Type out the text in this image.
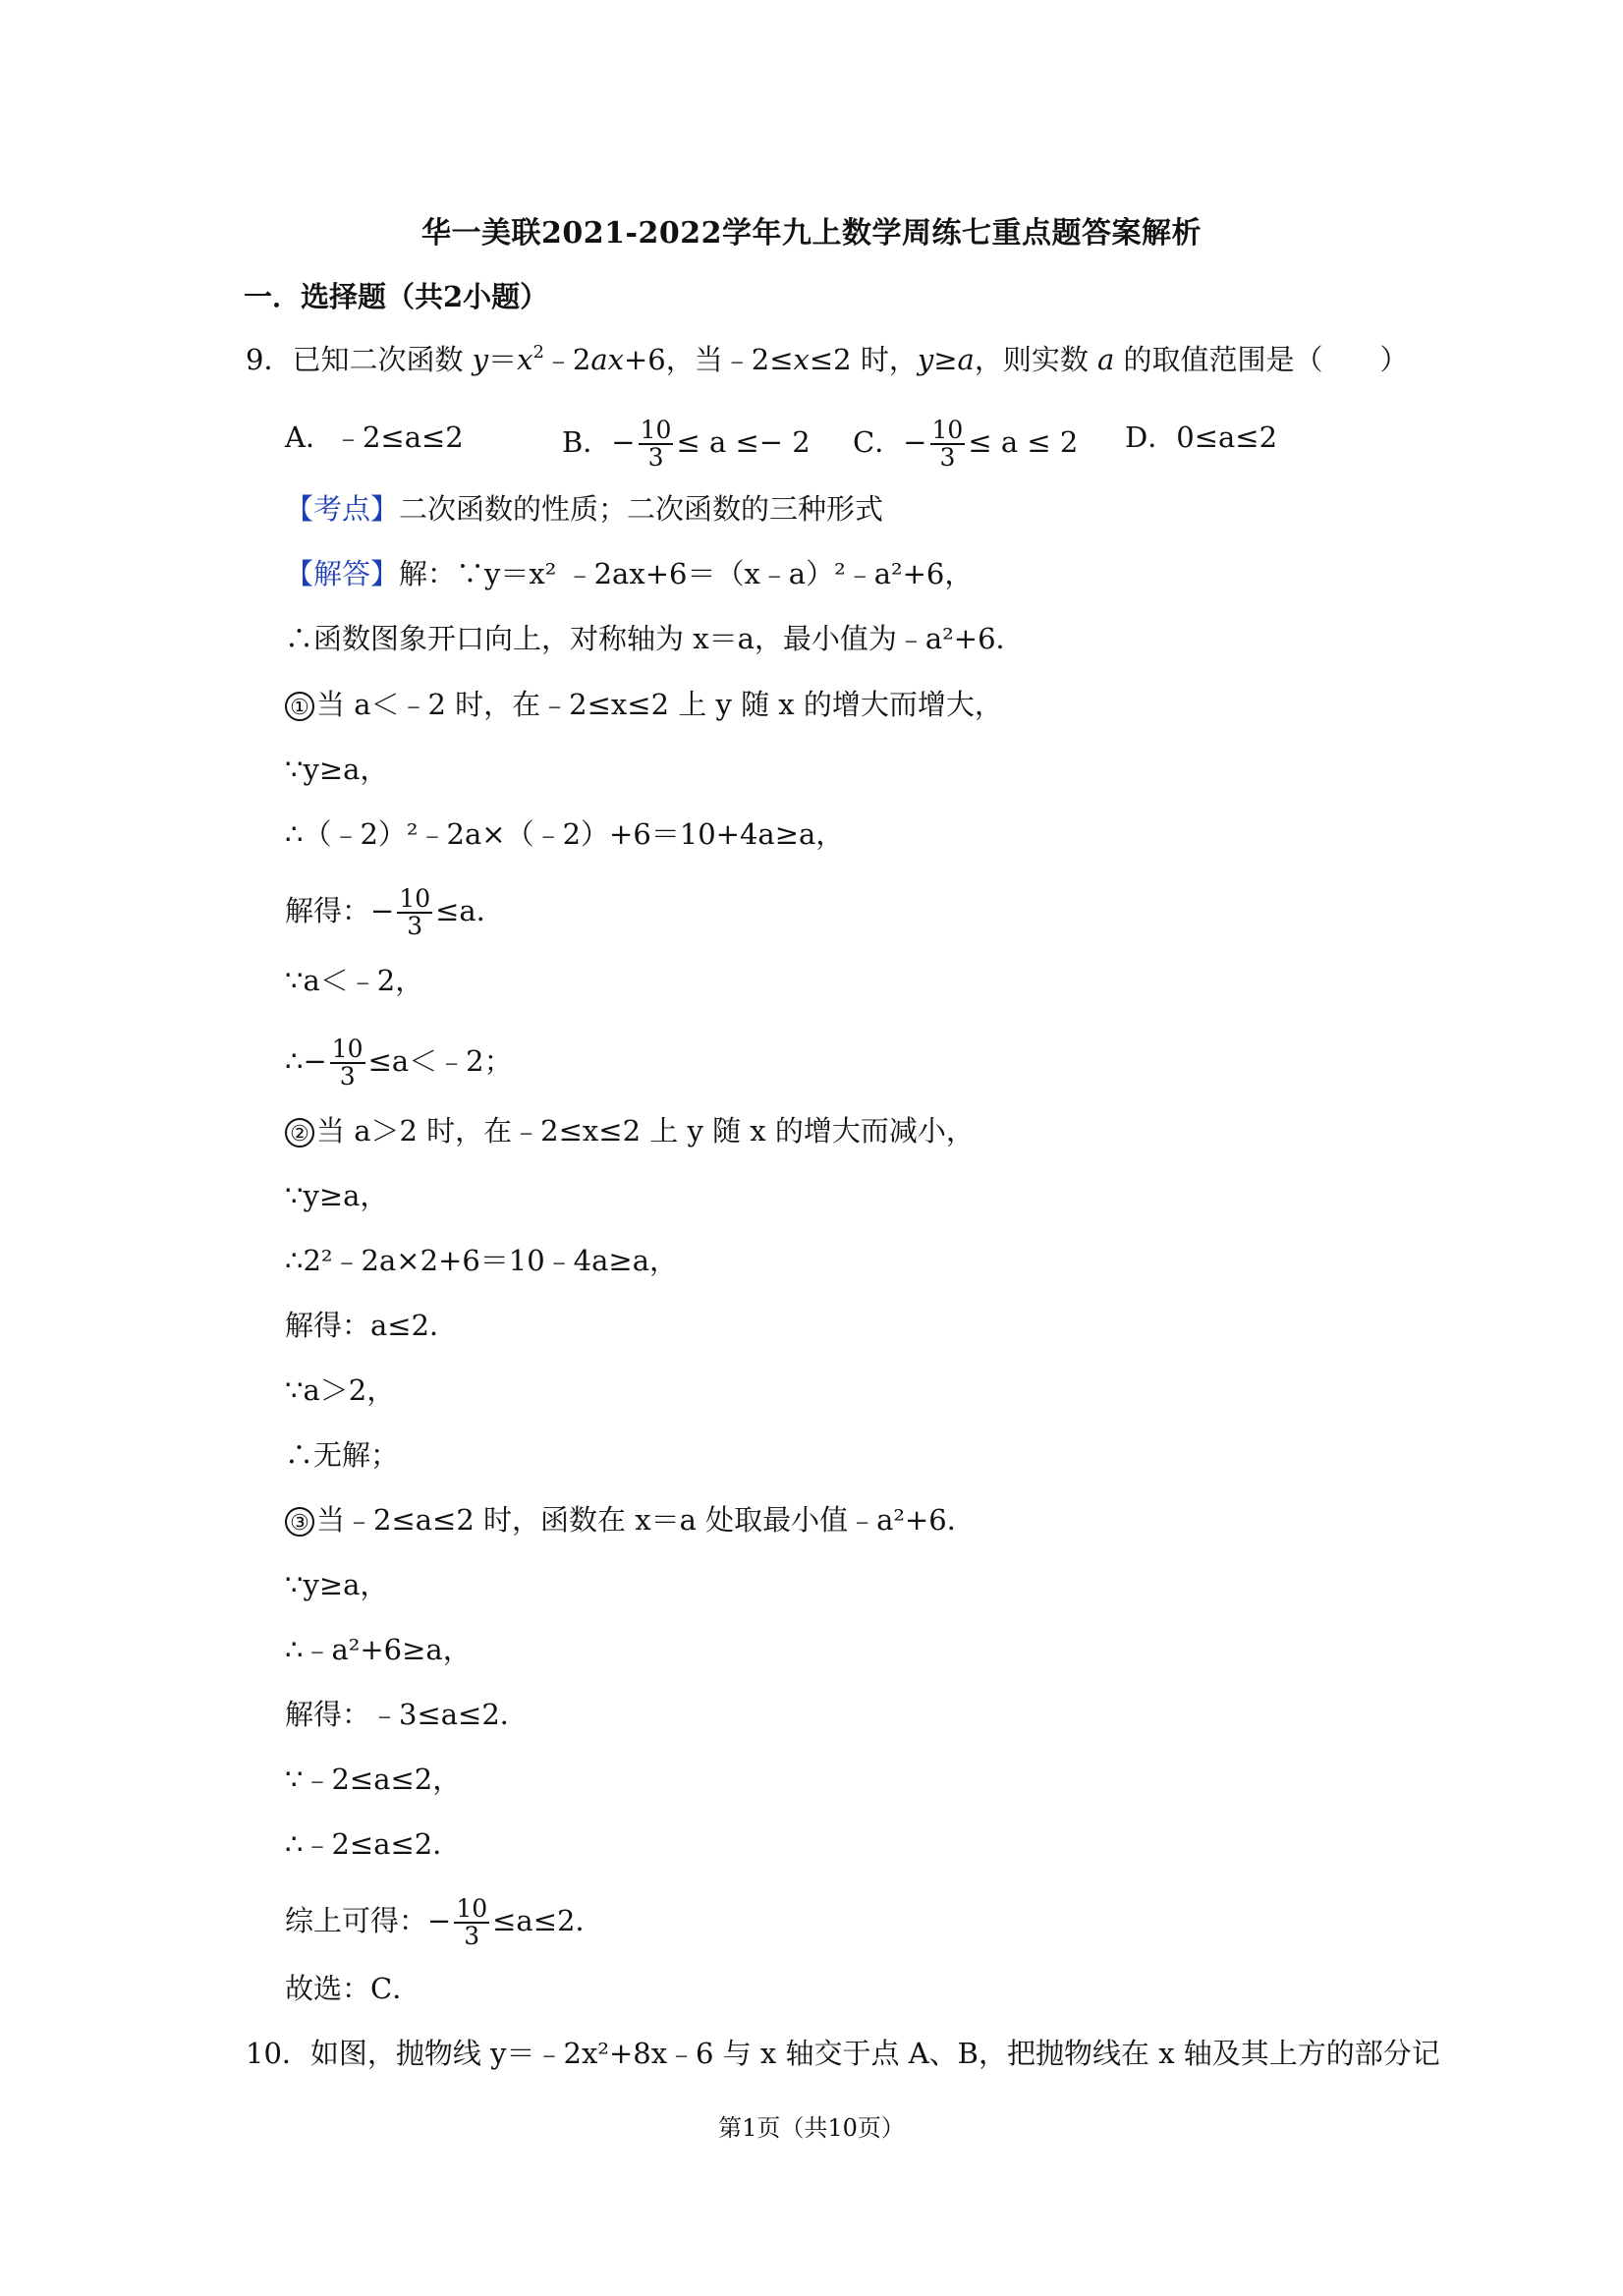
华一美联2021-2022学年九上数学周练七重点题答案解析
一．选择题（共2小题）
9．已知二次函数 $y=x^2﹣2ax+6$，当﹣2≤x≤2 时，y≥a，则实数 a 的取值范围是（　　）
A．﹣2≤a≤2	B．− $\frac{10}{3} \le a \le- 2$ C．− $\frac{10}{3} \le a \le 2$ D．0≤a≤2
【考点】二次函数的性质；二次函数的三种形式
【解答】解：∵y＝x² ﹣2ax+6＝（x﹣a）²﹣a²+6，
∴函数图象开口向上，对称轴为 x＝a，最小值为﹣a²+6．
① 当 a＜﹣2 时，在﹣2≤x≤2 上 y 随 x 的增大而增大，
∵y≥a，
∴（﹣2）²﹣2a×（﹣2）+6＝10+4a≥a，
解得：− $\frac{10}{3} \le a$．
∵a＜﹣2，
∴− $\frac{10}{3}$ ≤a＜﹣2；
② 当 a＞2 时，在﹣2≤x≤2 上 y 随 x 的增大而减小，
∵y≥a，
∴2²﹣2a×2+6＝10﹣4a≥a，
解得：a≤2．
∵a＞2，
∴无解；
③ 当﹣2≤a≤2 时，函数在 x＝a 处取最小值﹣a²+6．
∵y≥a，
∴﹣a²+6≥a，
解得：﹣3≤a≤2．
∵﹣2≤a≤2，
∴﹣2≤a≤2．
综上可得：− $\frac{10}{3} \le a\le 2$．
故选：C．
10．如图，抛物线 y＝﹣2x²+8x﹣6 与 x 轴交于点 A、B，把抛物线在 x 轴及其上方的部分记
第1页（共10页）
